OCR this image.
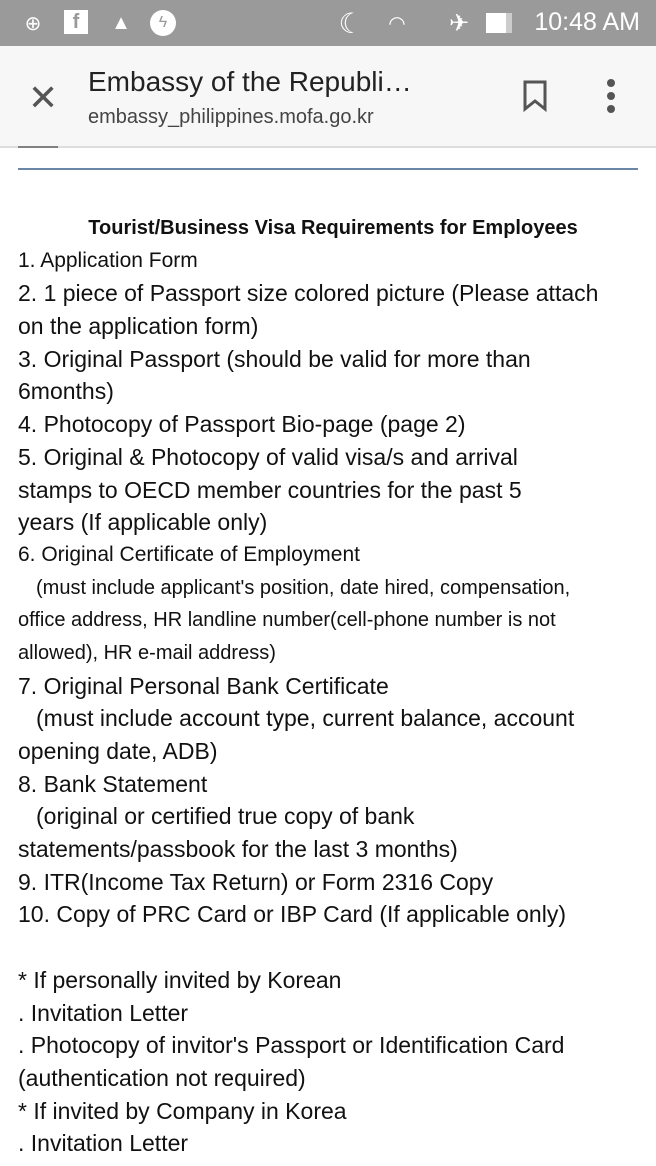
⊕	f	▲	ϟ	☾ ◠ ✈	10:48 AM
✕ Embassy of the Republi…
embassy_philippines.mofa.go.kr
Tourist/Business Visa Requirements for Employees
1. Application Form
2. 1 piece of Passport size colored picture (Please attach
on the application form)
3. Original Passport (should be valid for more than
6months)
4. Photocopy of Passport Bio-page (page 2)
5. Original & Photocopy of valid visa/s and arrival
stamps to OECD member countries for the past 5
years (If applicable only)
6. Original Certificate of Employment
(must include applicant's position, date hired, compensation,
office address, HR landline number(cell-phone number is not
allowed), HR e-mail address)
7. Original Personal Bank Certificate
(must include account type, current balance, account
opening date, ADB)
8. Bank Statement
(original or certified true copy of bank
statements/passbook for the last 3 months)
9. ITR(Income Tax Return) or Form 2316 Copy
10. Copy of PRC Card or IBP Card (If applicable only)
* If personally invited by Korean
. Invitation Letter
. Photocopy of invitor's Passport or Identification Card
(authentication not required)
* If invited by Company in Korea
. Invitation Letter
